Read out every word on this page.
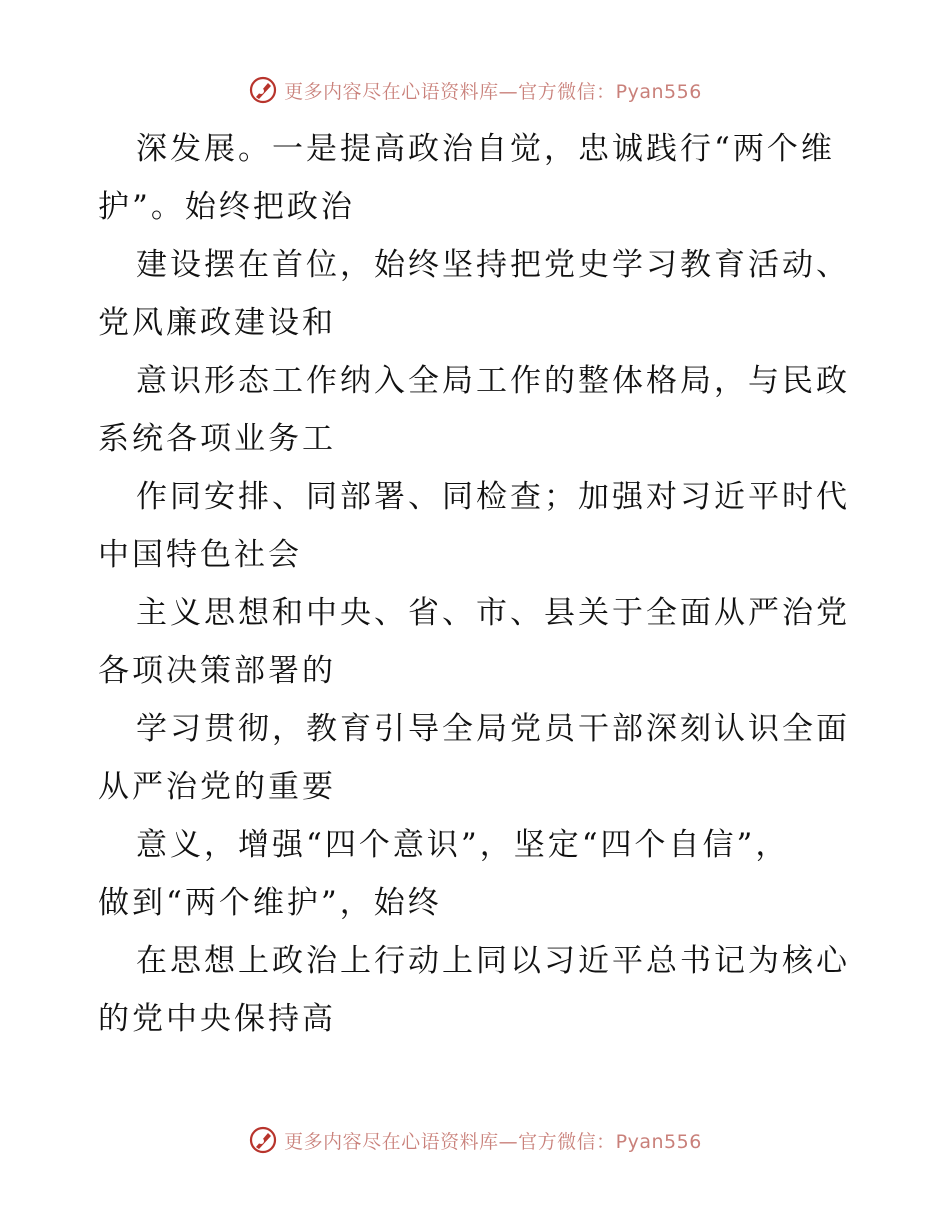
更多内容尽在心语资料库—官方微信：Pyan556
深发展。一是提高政治自觉，忠诚践行“两个维
护”。始终把政治
建设摆在首位，始终坚持把党史学习教育活动、
党风廉政建设和
意识形态工作纳入全局工作的整体格局，与民政
系统各项业务工
作同安排、同部署、同检查；加强对习近平时代
中国特色社会
主义思想和中央、省、市、县关于全面从严治党
各项决策部署的
学习贯彻，教育引导全局党员干部深刻认识全面
从严治党的重要
意义，增强“四个意识”，坚定“四个自信”，
做到“两个维护”，始终
在思想上政治上行动上同以习近平总书记为核心
的党中央保持高
更多内容尽在心语资料库—官方微信：Pyan556
